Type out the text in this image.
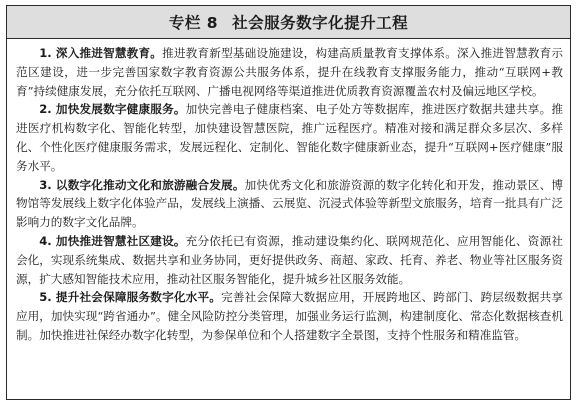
专栏 8 社会服务数字化提升工程

1. 深入推进智慧教育。推进教育新型基础设施建设，构建高质量教育支撑体系。深入推进智慧教育示范区建设，进一步完善国家数字教育资源公共服务体系，提升在线教育支撑服务能力，推动“互联网+教育”持续健康发展，充分依托互联网、广播电视网络等渠道推进优质教育资源覆盖农村及偏远地区学校。

2. 加快发展数字健康服务。加快完善电子健康档案、电子处方等数据库，推进医疗数据共建共享。推进医疗机构数字化、智能化转型，加快建设智慧医院，推广远程医疗。精准对接和满足群众多层次、多样化、个性化医疗健康服务需求，发展远程化、定制化、智能化数字健康新业态，提升“互联网+医疗健康”服务水平。

3. 以数字化推动文化和旅游融合发展。加快优秀文化和旅游资源的数字化转化和开发，推动景区、博物馆等发展线上数字化体验产品，发展线上演播、云展览、沉浸式体验等新型文旅服务，培育一批具有广泛影响力的数字文化品牌。

4. 加快推进智慧社区建设。充分依托已有资源，推动建设集约化、联网规范化、应用智能化、资源社会化，实现系统集成、数据共享和业务协同，更好提供政务、商超、家政、托育、养老、物业等社区服务资源，扩大感知智能技术应用，推动社区服务智能化，提升城乡社区服务效能。

5. 提升社会保障服务数字化水平。完善社会保障大数据应用，开展跨地区、跨部门、跨层级数据共享应用，加快实现“跨省通办”。健全风险防控分类管理，加强业务运行监测，构建制度化、常态化数据核查机制。加快推进社保经办数字化转型，为参保单位和个人搭建数字全景图，支持个性服务和精准监管。
